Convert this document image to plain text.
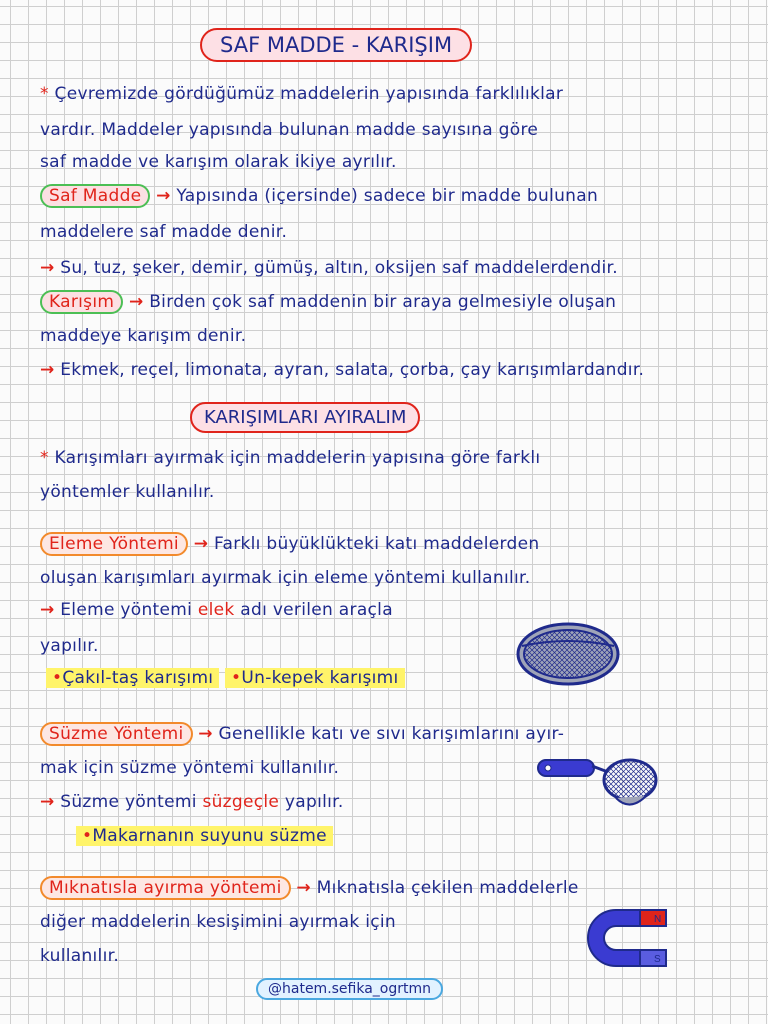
SAF MADDE - KARIŞIM
* Çevremizde gördüğümüz maddelerin yapısında farklılıklar
vardır. Maddeler yapısında bulunan madde sayısına göre
saf madde ve karışım olarak ikiye ayrılır.
Saf Madde → Yapısında (içersinde) sadece bir madde bulunan
maddelere saf madde denir.
→ Su, tuz, şeker, demir, gümüş, altın, oksijen saf maddelerdendir.
Karışım → Birden çok saf maddenin bir araya gelmesiyle oluşan
maddeye karışım denir.
→ Ekmek, reçel, limonata, ayran, salata, çorba, çay karışımlardandır.
KARIŞIMLARI AYIRALIM
* Karışımları ayırmak için maddelerin yapısına göre farklı
yöntemler kullanılır.
Eleme Yöntemi → Farklı büyüklükteki katı maddelerden
oluşan karışımları ayırmak için eleme yöntemi kullanılır.
→ Eleme yöntemi elek adı verilen araçla
yapılır.
•Çakıl-taş karışımı •Un-kepek karışımı
Süzme Yöntemi → Genellikle katı ve sıvı karışımlarını ayır-
mak için süzme yöntemi kullanılır.
→ Süzme yöntemi süzgeçle yapılır.
•Makarnanın suyunu süzme
Mıknatısla ayırma yöntemi → Mıknatısla çekilen maddelerle
diğer maddelerin kesişimini ayırmak için
kullanılır.
N
S
@hatem.sefika_ogrtmn
